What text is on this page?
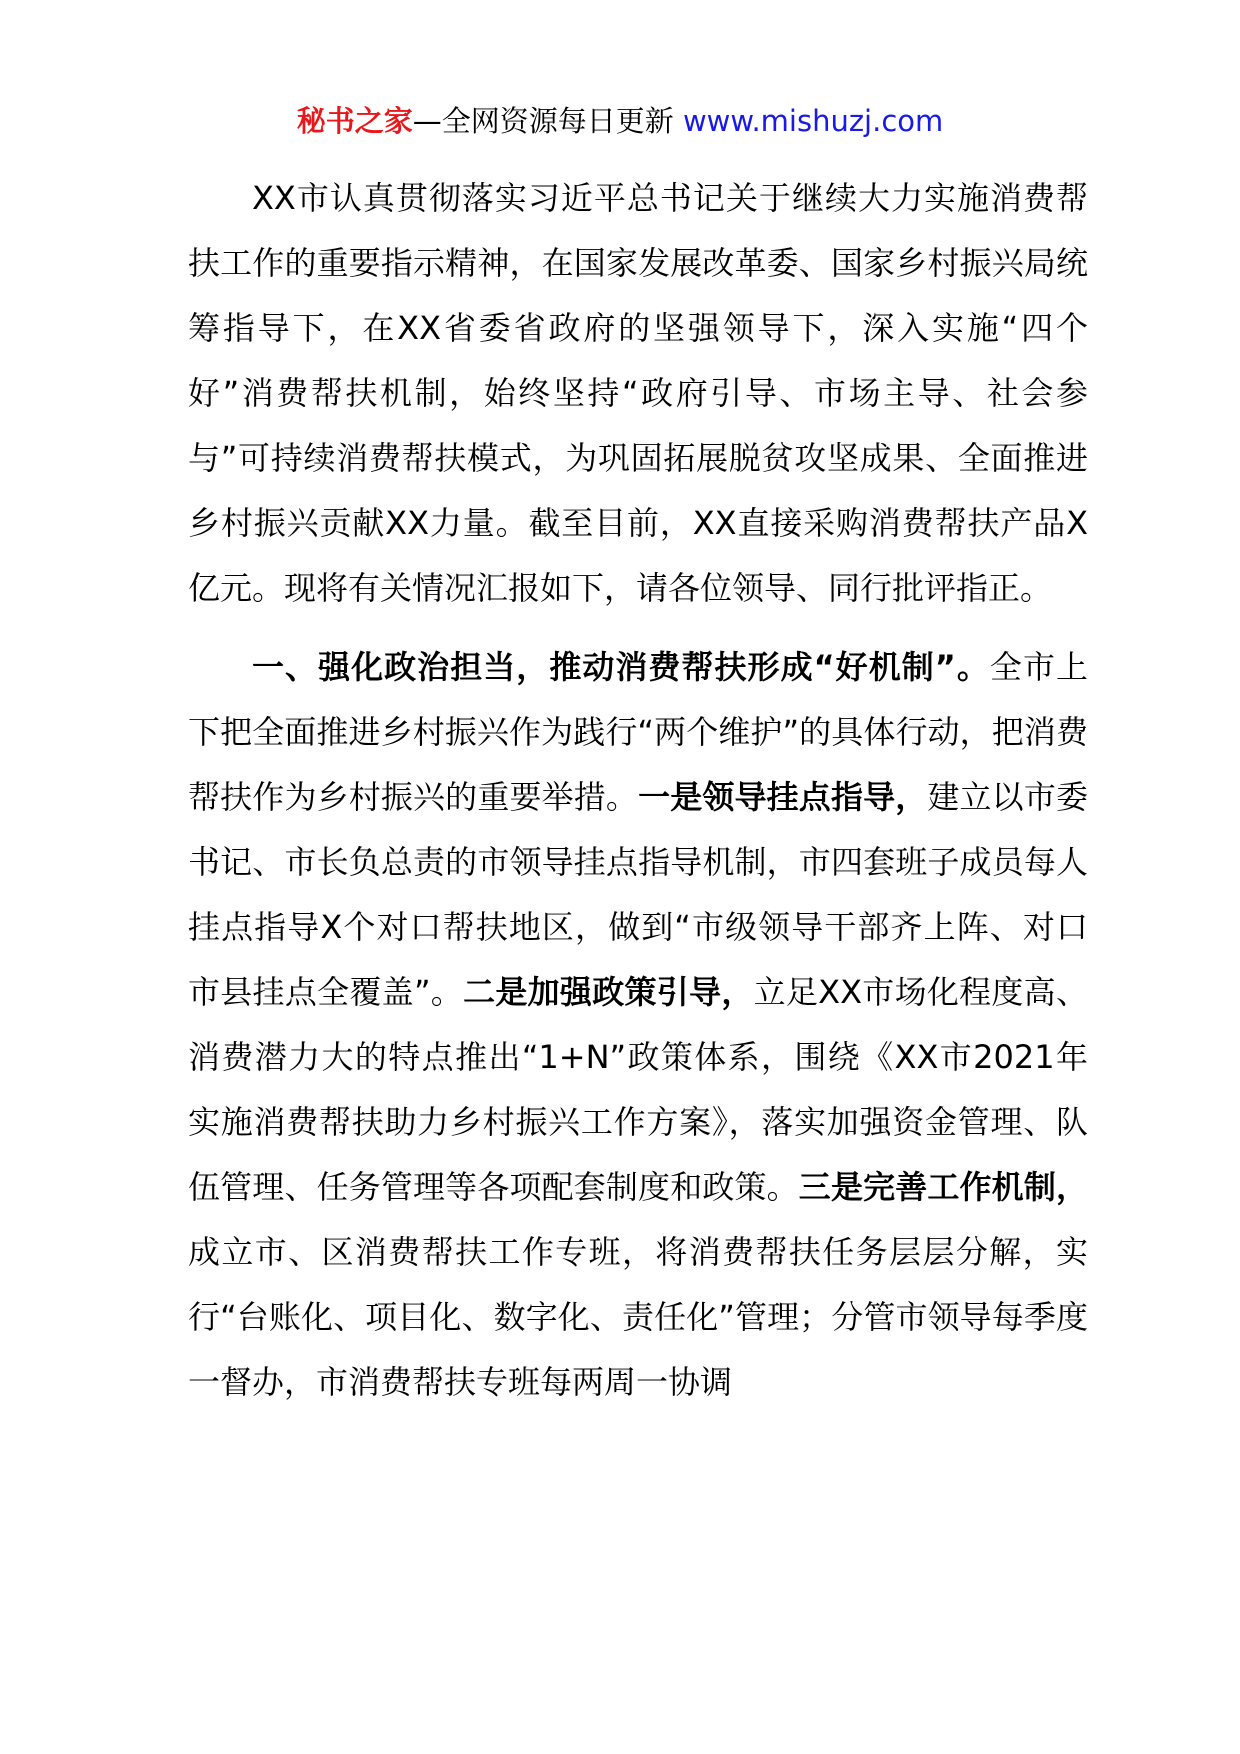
秘书之家—全网资源每日更新 www.mishuzj.com

XX市认真贯彻落实习近平总书记关于继续大力实施消费帮扶工作的重要指示精神，在国家发展改革委、国家乡村振兴局统筹指导下，在XX省委省政府的坚强领导下，深入实施“四个好”消费帮扶机制，始终坚持“政府引导、市场主导、社会参与”可持续消费帮扶模式，为巩固拓展脱贫攻坚成果、全面推进乡村振兴贡献XX力量。截至目前，XX直接采购消费帮扶产品X亿元。现将有关情况汇报如下，请各位领导、同行批评指正。

一、强化政治担当，推动消费帮扶形成“好机制”。全市上下把全面推进乡村振兴作为践行“两个维护”的具体行动，把消费帮扶作为乡村振兴的重要举措。一是领导挂点指导，建立以市委书记、市长负总责的市领导挂点指导机制，市四套班子成员每人挂点指导X个对口帮扶地区，做到“市级领导干部齐上阵、对口市县挂点全覆盖”。二是加强政策引导，立足XX市场化程度高、消费潜力大的特点推出“1+N”政策体系，围绕《XX市2021年实施消费帮扶助力乡村振兴工作方案》，落实加强资金管理、队伍管理、任务管理等各项配套制度和政策。三是完善工作机制，成立市、区消费帮扶工作专班，将消费帮扶任务层层分解，实行“台账化、项目化、数字化、责任化”管理；分管市领导每季度一督办，市消费帮扶专班每两周一协调
